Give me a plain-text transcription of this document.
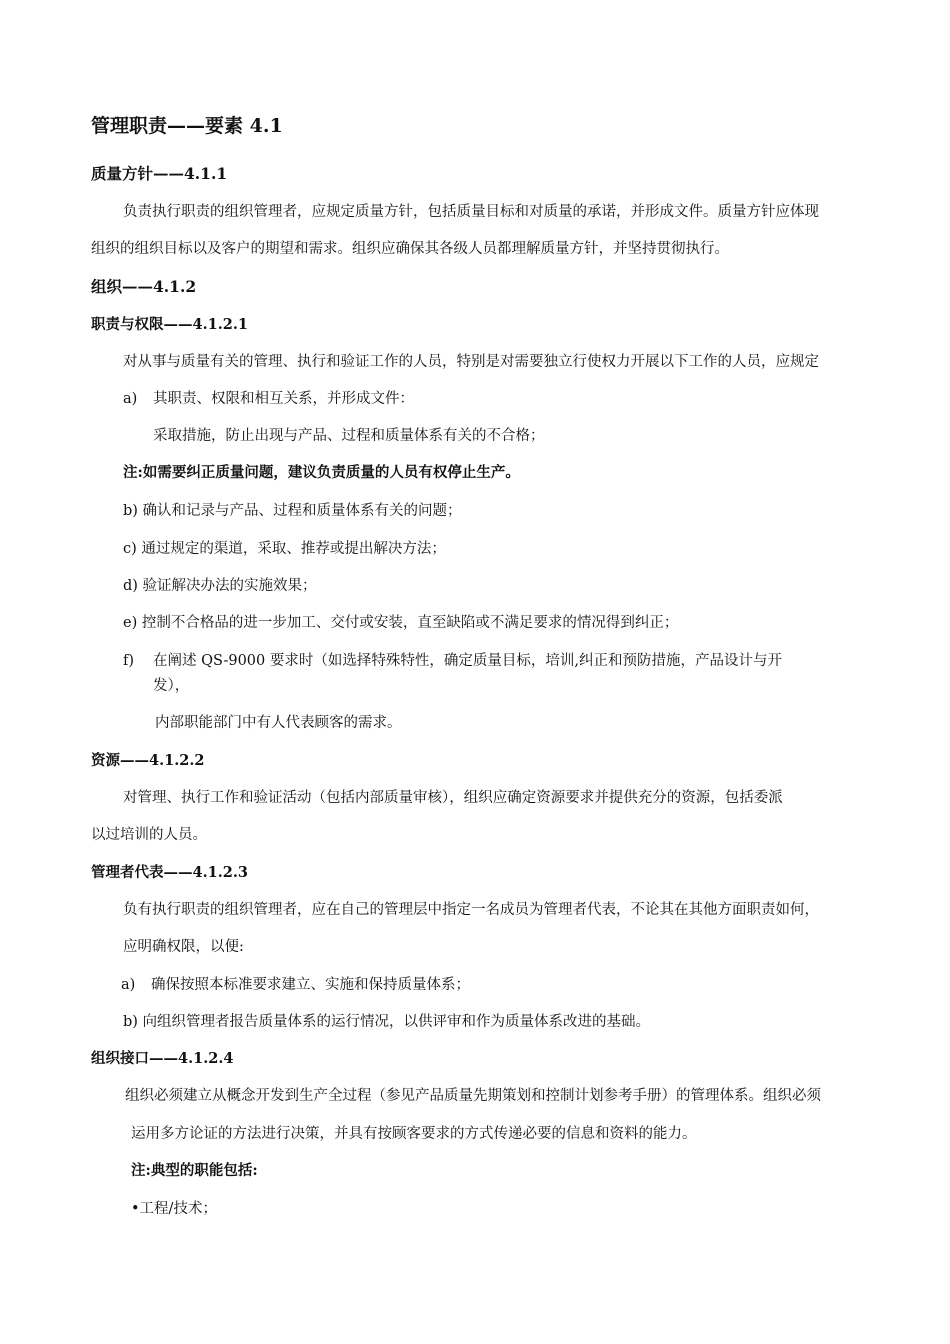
管理职责——要素 4.1
质量方针——4.1.1
负责执行职责的组织管理者，应规定质量方针，包括质量目标和对质量的承诺，并形成文件。质量方针应体现
组织的组织目标以及客户的期望和需求。组织应确保其各级人员都理解质量方针，并坚持贯彻执行。
组织——4.1.2
职责与权限——4.1.2.1
对从事与质量有关的管理、执行和验证工作的人员，特别是对需要独立行使权力开展以下工作的人员，应规定
a) 其职责、权限和相互关系，并形成文件：
采取措施，防止出现与产品、过程和质量体系有关的不合格；
注:如需要纠正质量问题，建议负责质量的人员有权停止生产。
b) 确认和记录与产品、过程和质量体系有关的问题；
c) 通过规定的渠道，采取、推荐或提出解决方法；
d) 验证解决办法的实施效果；
e) 控制不合格品的进一步加工、交付或安装，直至缺陷或不满足要求的情况得到纠正；
f) 在阐述 QS-9000 要求时（如选择特殊特性，确定质量目标，培训,纠正和预防措施，产品设计与开
发），
内部职能部门中有人代表顾客的需求。
资源——4.1.2.2
对管理、执行工作和验证活动（包括内部质量审核），组织应确定资源要求并提供充分的资源，包括委派
以过培训的人员。
管理者代表——4.1.2.3
负有执行职责的组织管理者，应在自己的管理层中指定一名成员为管理者代表，不论其在其他方面职责如何，
应明确权限，以便:
a) 确保按照本标准要求建立、实施和保持质量体系；
b) 向组织管理者报告质量体系的运行情况，以供评审和作为质量体系改进的基础。
组织接口——4.1.2.4
组织必须建立从概念开发到生产全过程（参见产品质量先期策划和控制计划参考手册）的管理体系。组织必须
运用多方论证的方法进行决策，并具有按顾客要求的方式传递必要的信息和资料的能力。
注:典型的职能包括:
•工程/技术；
